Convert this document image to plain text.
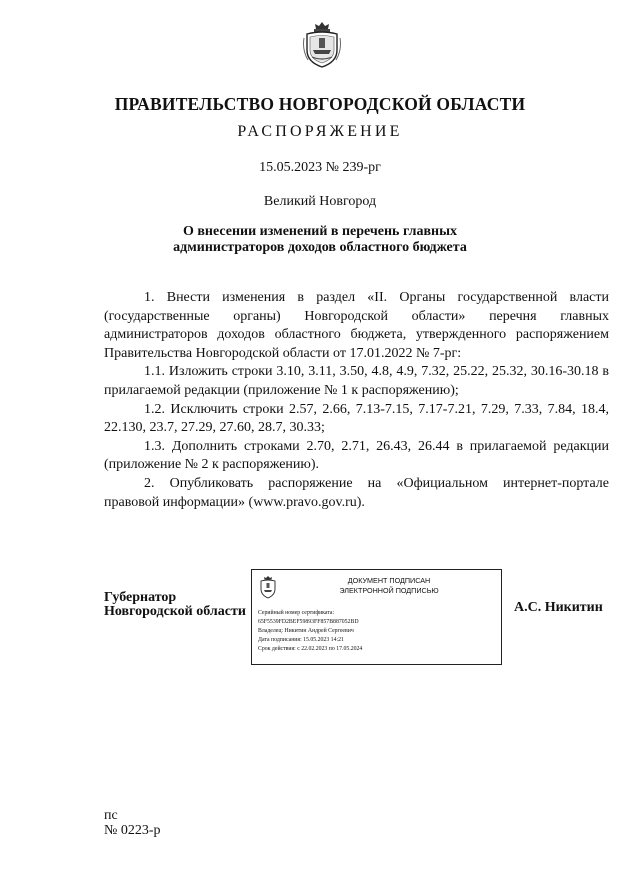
ПРАВИТЕЛЬСТВО НОВГОРОДСКОЙ ОБЛАСТИ
РАСПОРЯЖЕНИЕ
15.05.2023 № 239-рг
Великий Новгород
О внесении изменений в перечень главных
администраторов доходов областного бюджета

1. Внести изменения в раздел «II. Органы государственной власти (государственные органы) Новгородской области» перечня главных администраторов доходов областного бюджета, утвержденного распоряжением Правительства Новгородской области от 17.01.2022 № 7-рг:

1.1. Изложить строки 3.10, 3.11, 3.50, 4.8, 4.9, 7.32, 25.22, 25.32, 30.16-30.18 в прилагаемой редакции (приложение № 1 к распоряжению);

1.2. Исключить строки 2.57, 2.66, 7.13-7.15, 7.17-7.21, 7.29, 7.33, 7.84, 18.4, 22.130, 23.7, 27.29, 27.60, 28.7, 30.33;

1.3. Дополнить строками 2.70, 2.71, 26.43, 26.44 в прилагаемой редакции (приложение № 2 к распоряжению).

2. Опубликовать распоряжение на «Официальном интернет-портале правовой информации» (www.pravo.gov.ru).

Губернатор
Новгородской области
ДОКУМЕНТ ПОДПИСАН
ЭЛЕКТРОННОЙ ПОДПИСЬЮ
Серийный номер сертификата:
65F5539FD2BEF59893FF857B887052BD
Владелец: Никитин Андрей Сергеевич
Дата подписания: 15.05.2023 14:21
Срок действия: с 22.02.2023 по 17.05.2024
А.С. Никитин
пс
№ 0223-р
